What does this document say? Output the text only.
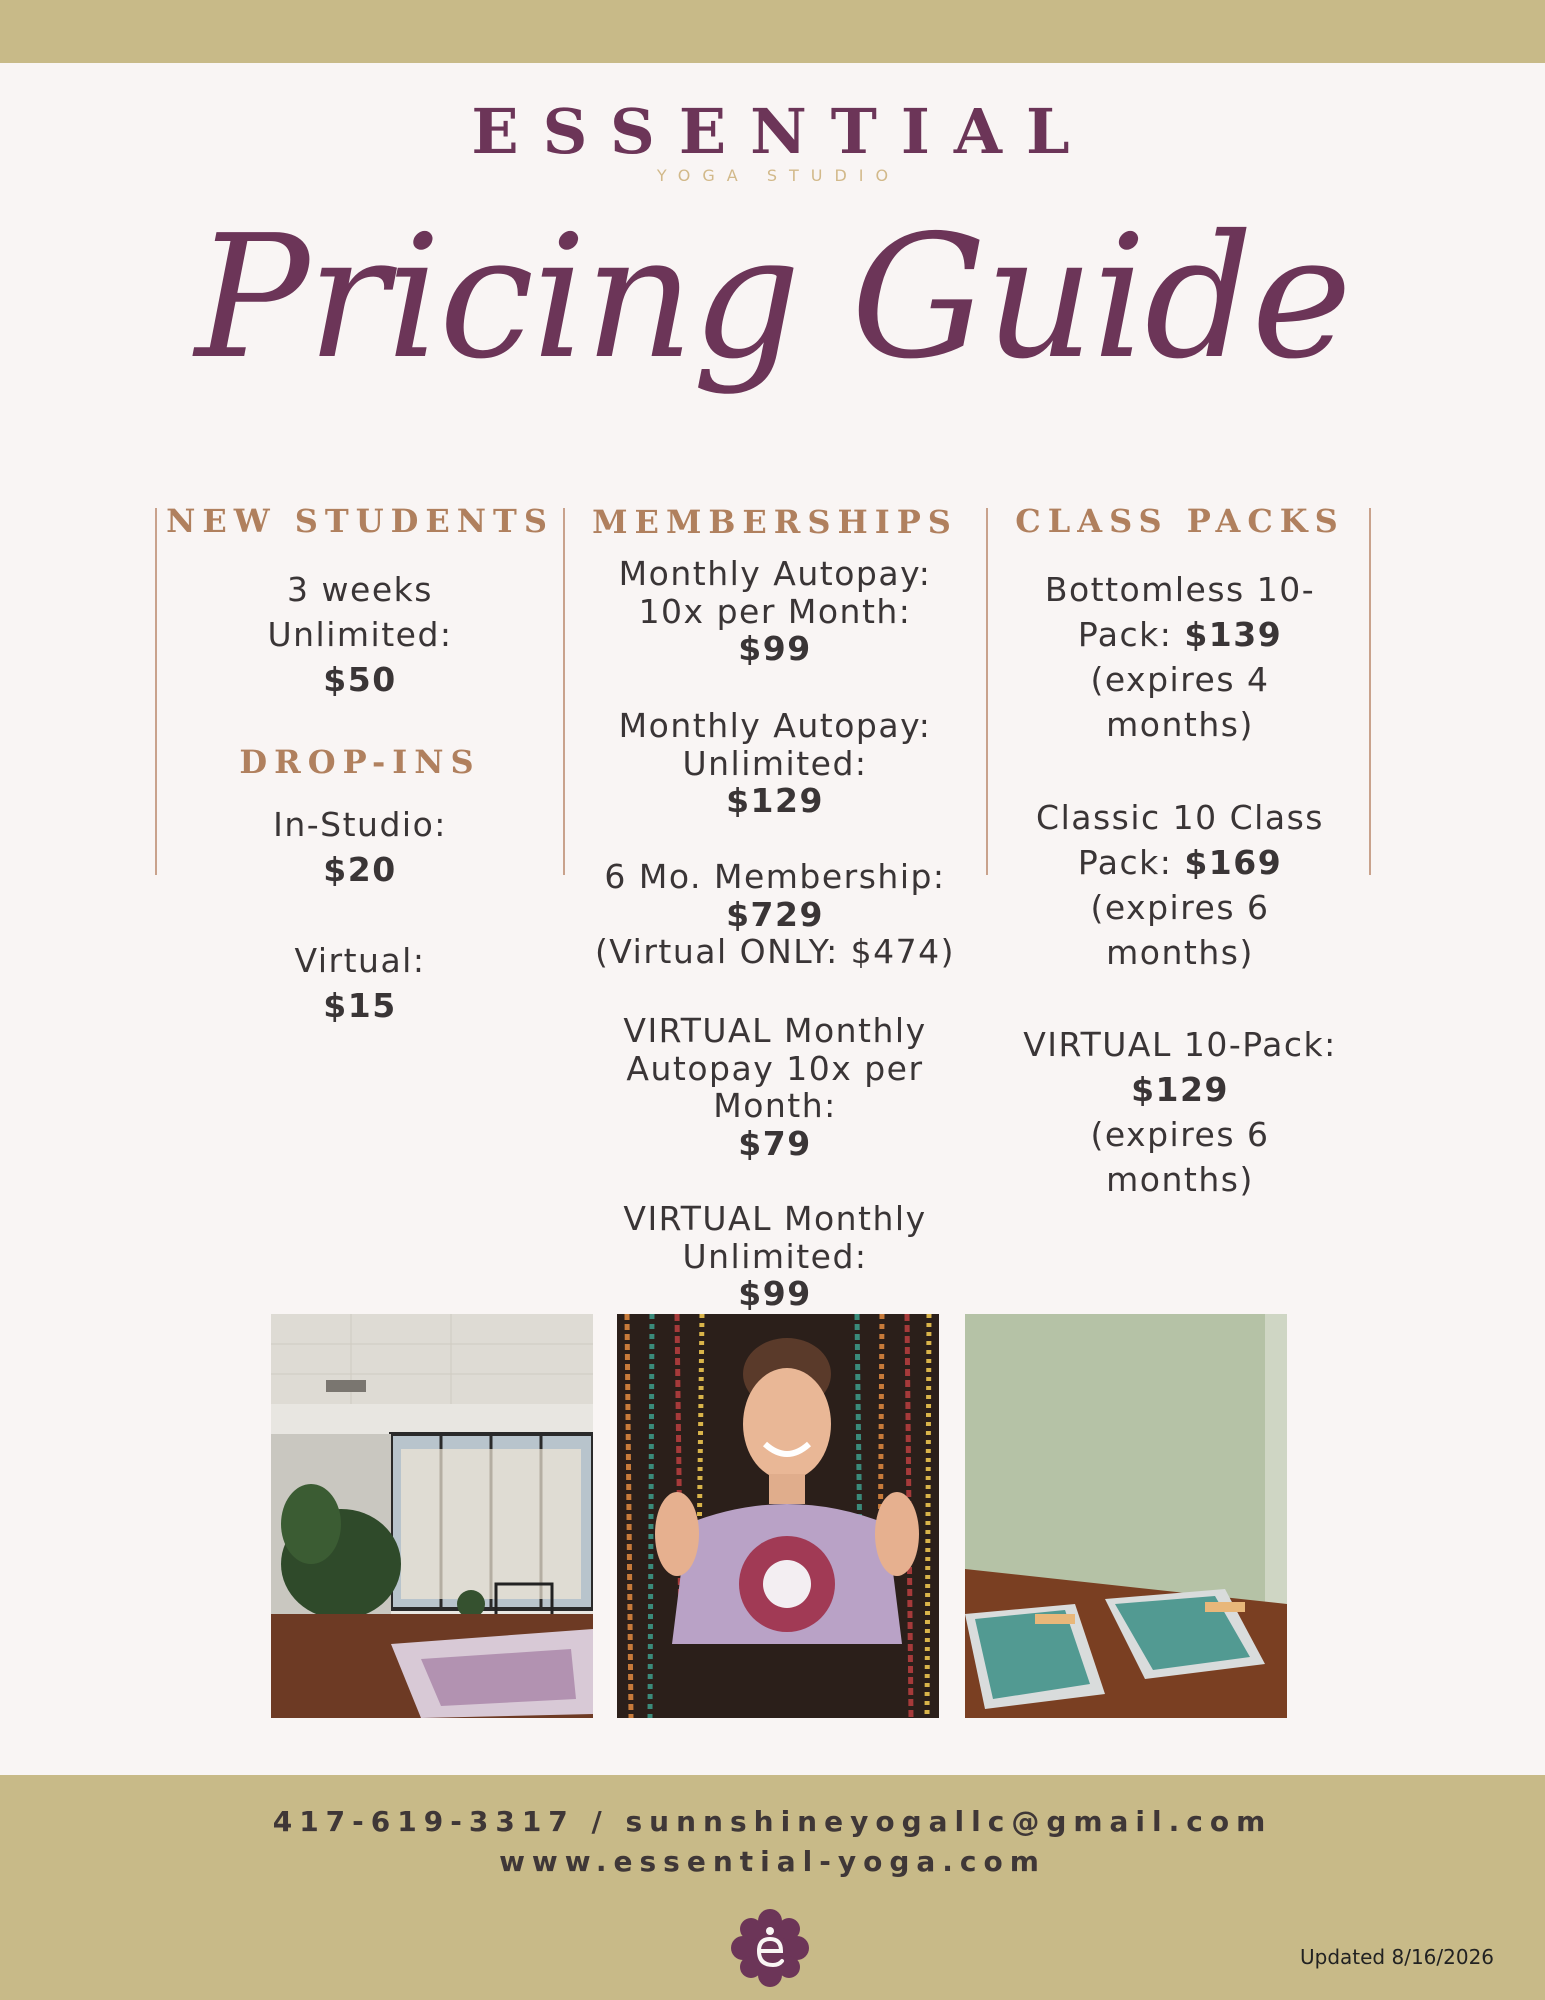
ESSENTIAL
YOGA STUDIO
Pricing Guide
NEW STUDENTS
3 weeks
Unlimited:
$50
DROP-INS
In-Studio:
$20
Virtual:
$15
MEMBERSHIPS
Monthly Autopay:
10x per Month:
$99
Monthly Autopay:
Unlimited:
$129
6 Mo. Membership:
$729
(Virtual ONLY: $474)
VIRTUAL Monthly
Autopay 10x per
Month:
$79
VIRTUAL Monthly
Unlimited:
$99
CLASS PACKS
Bottomless 10-
Pack: $139
(expires 4
months)
Classic 10 Class
Pack: $169
(expires 6
months)
VIRTUAL 10-Pack:
$129
(expires 6
months)
417-619-3317 / sunnshineyogallc@gmail.com
www.essential-yoga.com
Updated 8/16/2026
